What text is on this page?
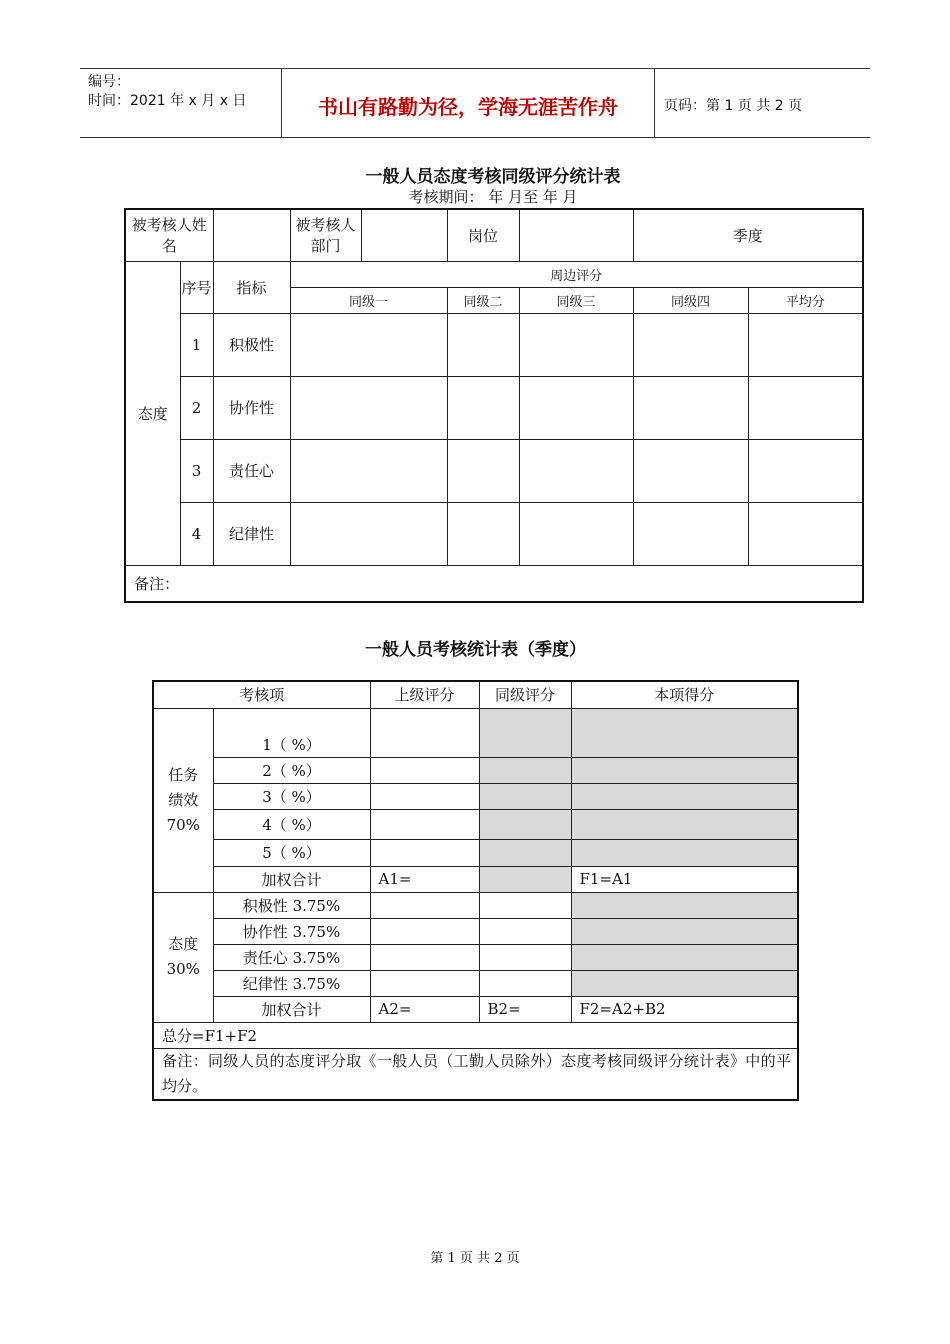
编号：
时间：2021 年 x 月 x 日	书山有路勤为径，学海无涯苦作舟	页码：第 1 页 共 2 页
一般人员态度考核同级评分统计表
考核期间： 年 月至 年 月
被考核人姓名			被考核人部门		岗位		季度	
态度	序号	指标	周边评分					
			同级一		同级二	同级三	同级四	平均分
	1	积极性						
	2	协作性						
	3	责任心						
	4	纪律性						
备注：								
一般人员考核统计表（季度）
考核项		上级评分	同级评分	本项得分
任务绩效70%	1（ %）			
	2（ %）			
	3（ %）			
	4（ %）			
	5（ %）			
	加权合计	A1=		F1=A1
态度30%	积极性 3.75%			
	协作性 3.75%			
	责任心 3.75%			
	纪律性 3.75%			
	加权合计	A2=	B2=	F2=A2+B2
总分=F1+F2				
备注：同级人员的态度评分取《一般人员（工勤人员除外）态度考核同级评分统计表》中的平均分。				
第 1 页 共 2 页
